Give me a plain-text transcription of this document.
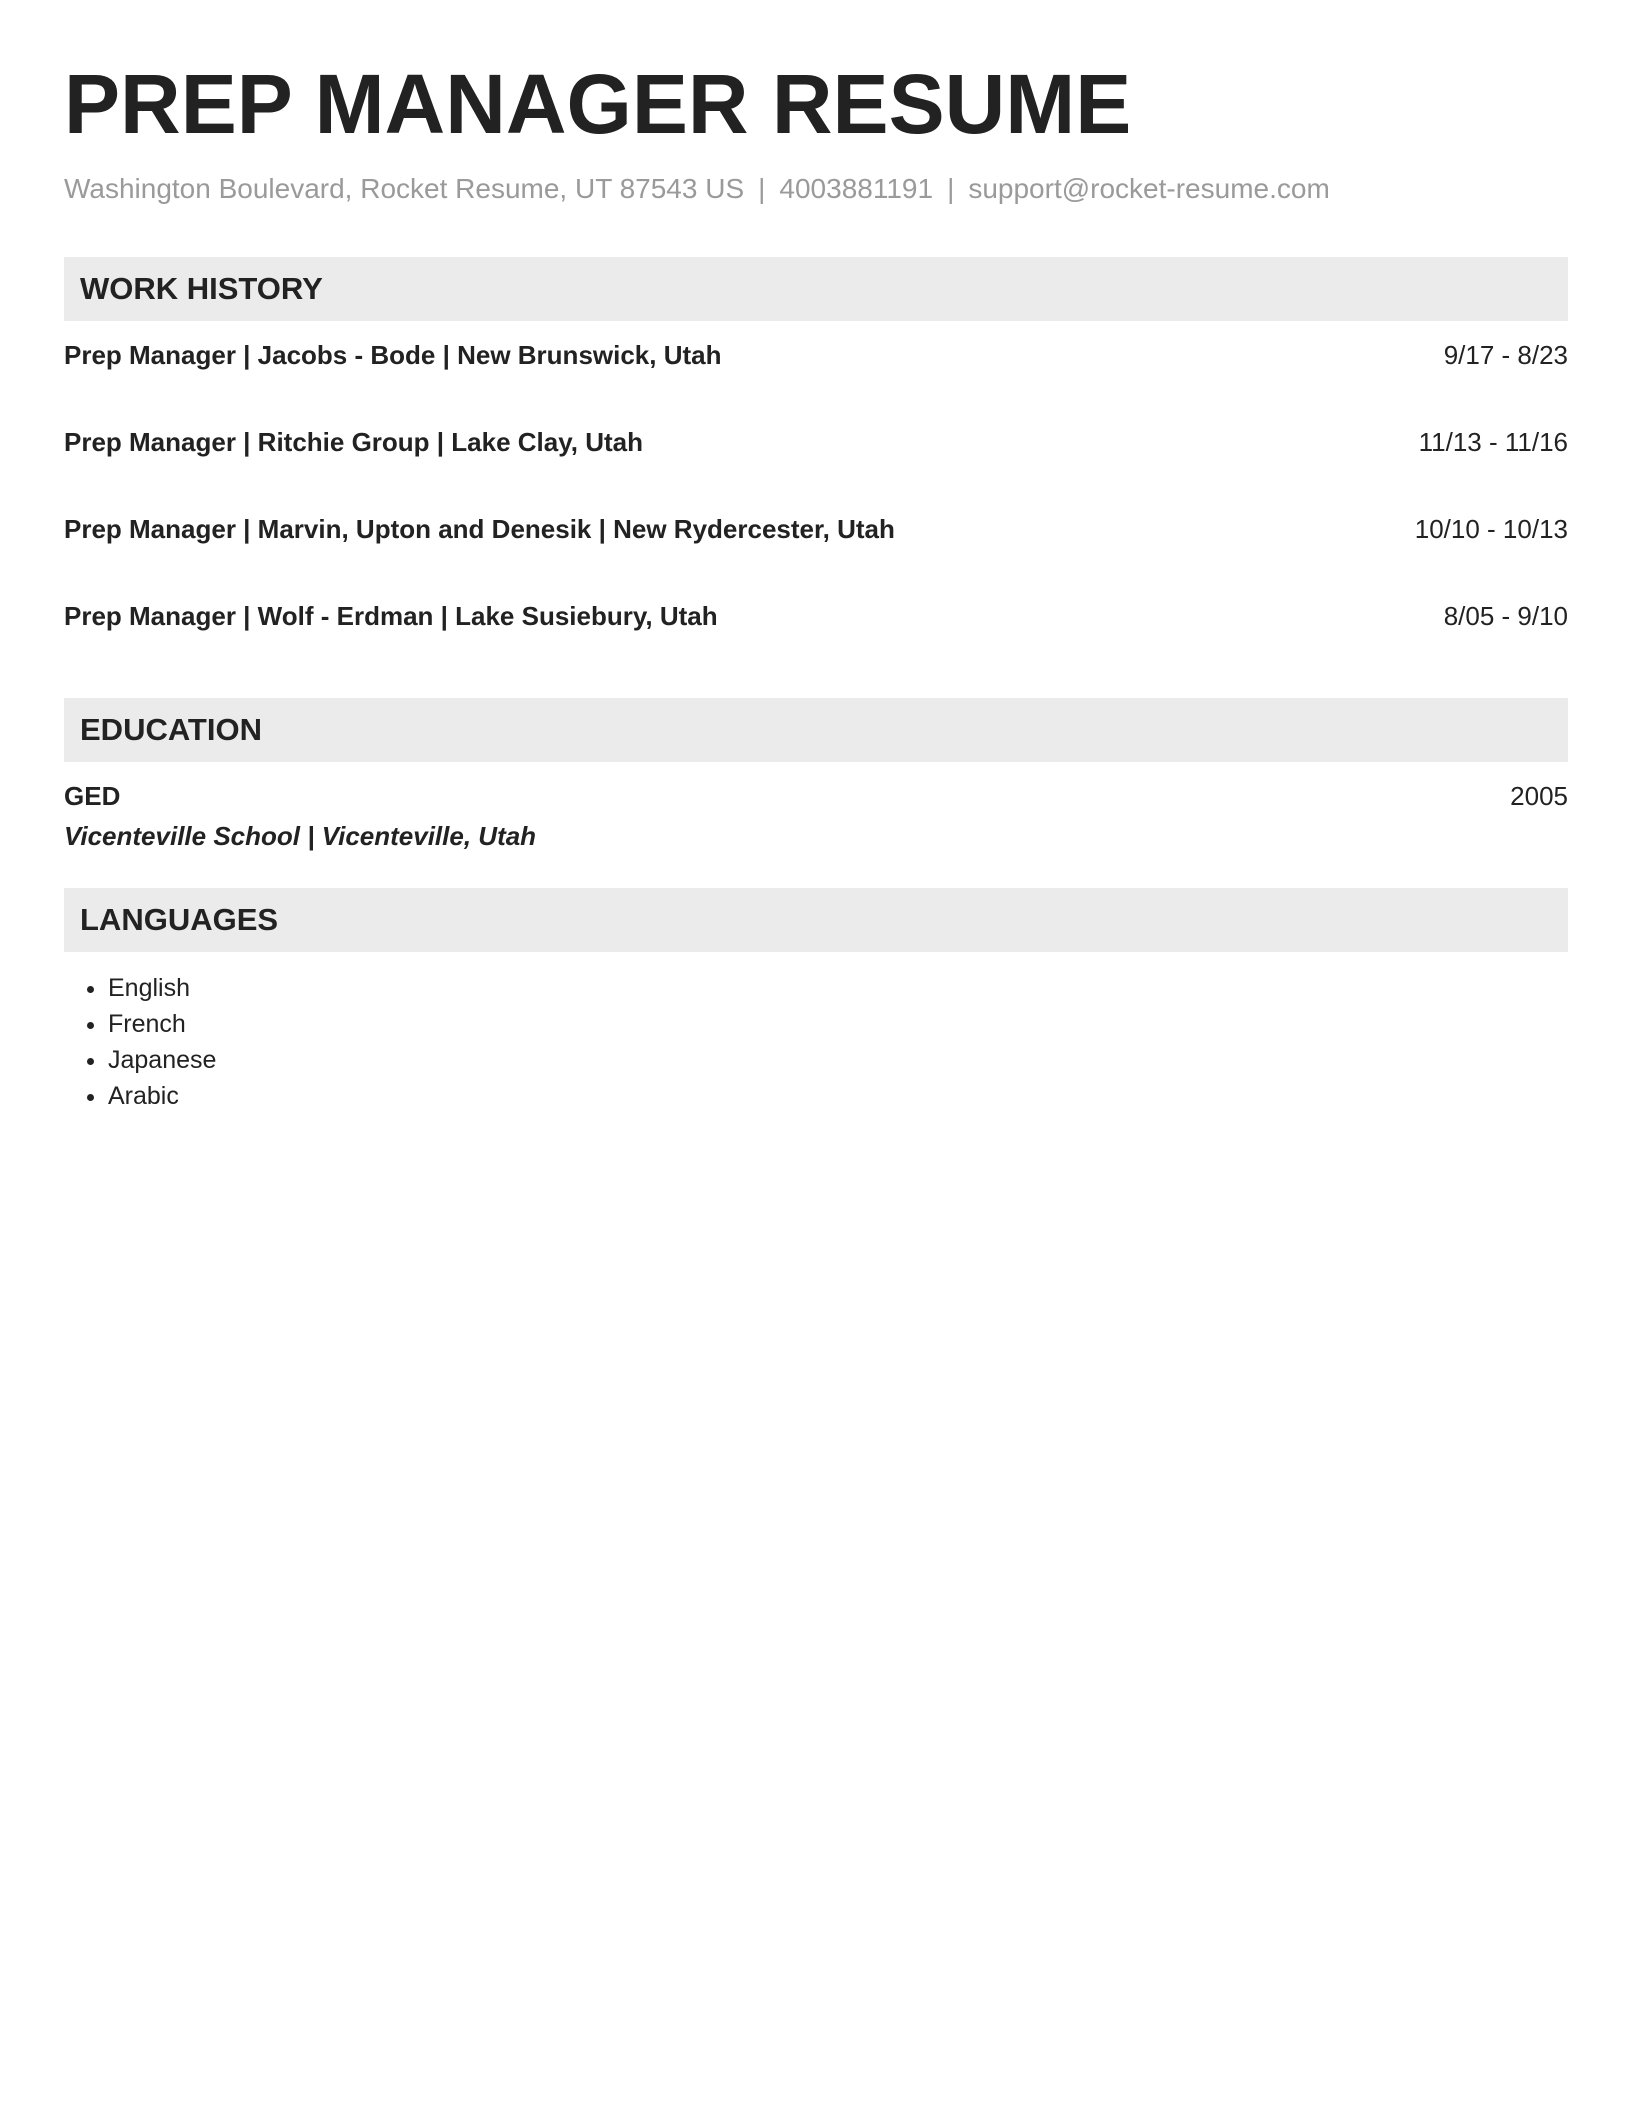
PREP MANAGER RESUME
Washington Boulevard, Rocket Resume, UT 87543 US | 4003881191 | support@rocket-resume.com
WORK HISTORY
Prep Manager | Jacobs - Bode | New Brunswick, Utah	9/17 - 8/23
Prep Manager | Ritchie Group | Lake Clay, Utah	11/13 - 11/16
Prep Manager | Marvin, Upton and Denesik | New Rydercester, Utah	10/10 - 10/13
Prep Manager | Wolf - Erdman | Lake Susiebury, Utah	8/05 - 9/10
EDUCATION
GED	2005
Vicenteville School | Vicenteville, Utah
LANGUAGES
• English
• French
• Japanese
• Arabic
